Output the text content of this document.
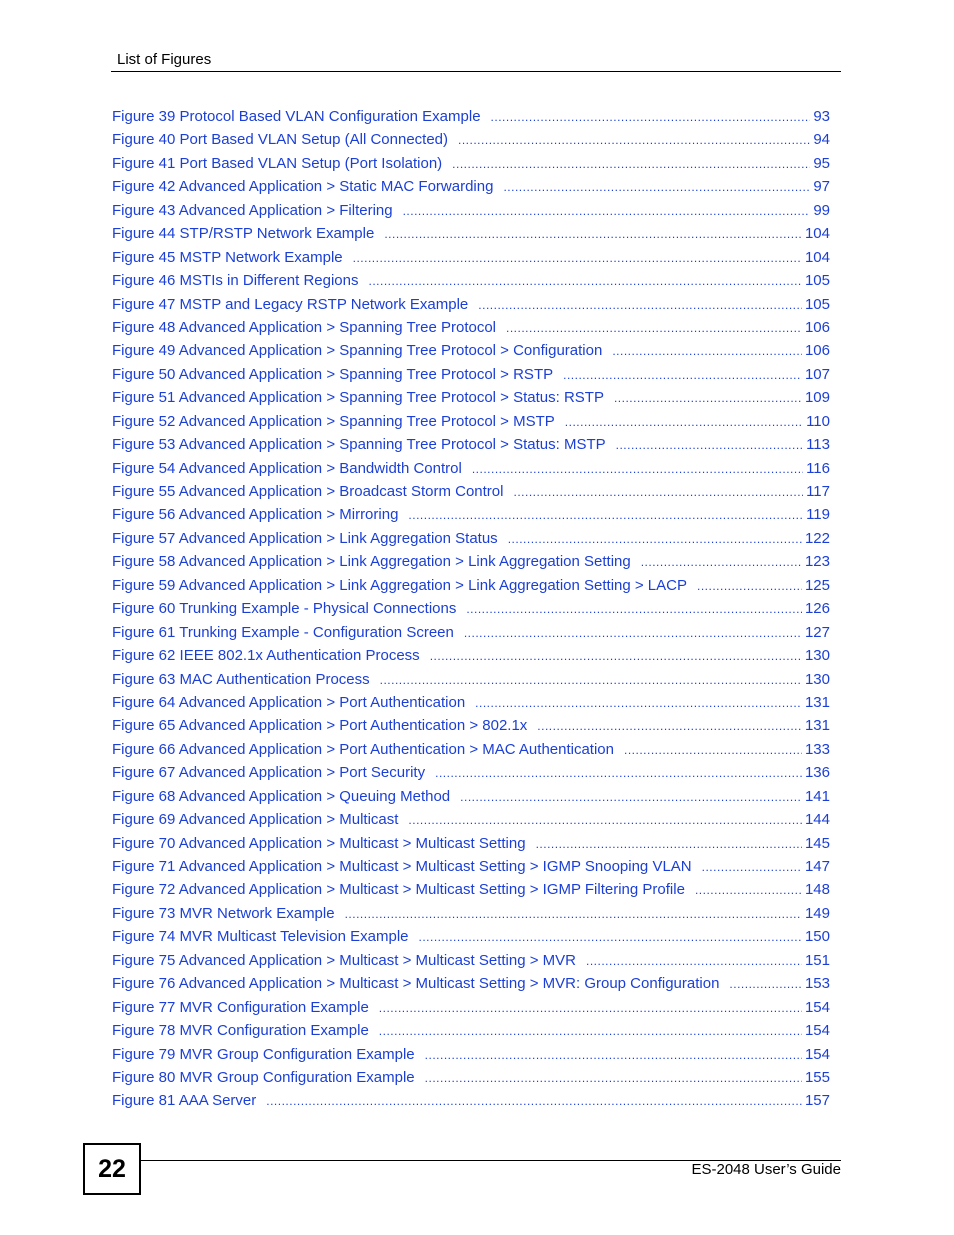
List of Figures
Figure 39 Protocol Based VLAN Configuration Example .....	93
Figure 40 Port Based VLAN Setup (All Connected) .....	94
Figure 41 Port Based VLAN Setup (Port Isolation) .....	95
Figure 42 Advanced Application > Static MAC Forwarding .....	97
Figure 43 Advanced Application > Filtering .....	99
Figure 44 STP/RSTP Network Example .....	104
Figure 45 MSTP Network Example .....	104
Figure 46 MSTIs in Different Regions .....	105
Figure 47 MSTP and Legacy RSTP Network Example .....	105
Figure 48 Advanced Application > Spanning Tree Protocol .....	106
Figure 49 Advanced Application > Spanning Tree Protocol > Configuration .....	106
Figure 50 Advanced Application > Spanning Tree Protocol > RSTP .....	107
Figure 51 Advanced Application > Spanning Tree Protocol > Status: RSTP .....	109
Figure 52 Advanced Application > Spanning Tree Protocol > MSTP .....	110
Figure 53 Advanced Application > Spanning Tree Protocol > Status: MSTP .....	113
Figure 54 Advanced Application > Bandwidth Control .....	116
Figure 55 Advanced Application > Broadcast Storm Control .....	117
Figure 56 Advanced Application > Mirroring .....	119
Figure 57 Advanced Application > Link Aggregation Status .....	122
Figure 58 Advanced Application > Link Aggregation > Link Aggregation Setting .....	123
Figure 59 Advanced Application > Link Aggregation > Link Aggregation Setting > LACP .....	125
Figure 60 Trunking Example - Physical Connections .....	126
Figure 61 Trunking Example - Configuration Screen .....	127
Figure 62 IEEE 802.1x Authentication Process .....	130
Figure 63 MAC Authentication Process .....	130
Figure 64 Advanced Application > Port Authentication .....	131
Figure 65 Advanced Application > Port Authentication > 802.1x .....	131
Figure 66 Advanced Application > Port Authentication > MAC Authentication .....	133
Figure 67 Advanced Application > Port Security .....	136
Figure 68 Advanced Application > Queuing Method .....	141
Figure 69 Advanced Application > Multicast .....	144
Figure 70 Advanced Application > Multicast > Multicast Setting .....	145
Figure 71 Advanced Application > Multicast > Multicast Setting > IGMP Snooping VLAN .....	147
Figure 72 Advanced Application > Multicast > Multicast Setting > IGMP Filtering Profile .....	148
Figure 73 MVR Network Example .....	149
Figure 74 MVR Multicast Television Example .....	150
Figure 75 Advanced Application > Multicast > Multicast Setting > MVR .....	151
Figure 76 Advanced Application > Multicast > Multicast Setting > MVR: Group Configuration .....	153
Figure 77 MVR Configuration Example .....	154
Figure 78 MVR Configuration Example .....	154
Figure 79 MVR Group Configuration Example .....	154
Figure 80 MVR Group Configuration Example .....	155
Figure 81 AAA Server .....	157
22	ES-2048 User’s Guide
